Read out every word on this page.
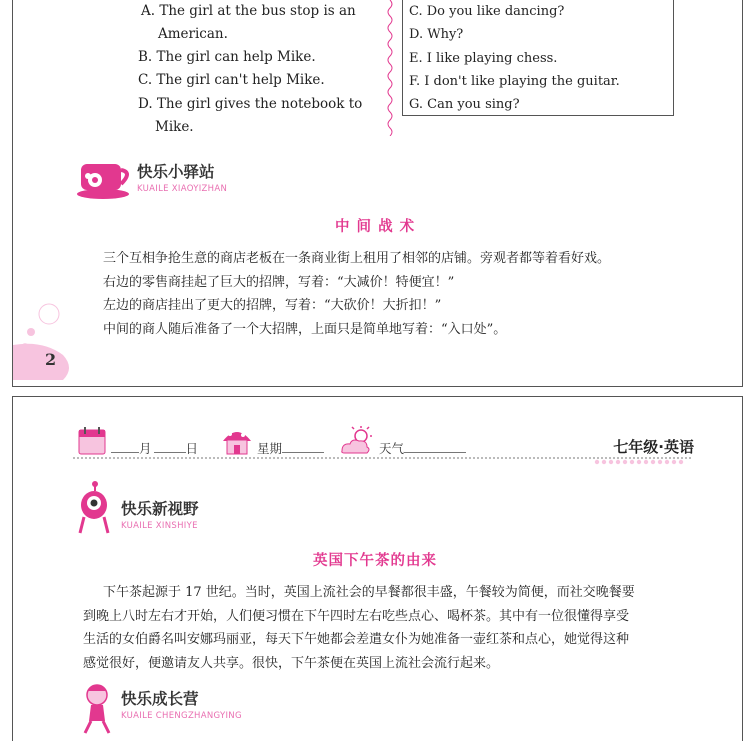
A. The girl at the bus stop is an
American.
B. The girl can help Mike.
C. The girl can't help Mike.
D. The girl gives the notebook to
Mike.
C. Do you like dancing?
D. Why?
E. I like playing chess.
F. I don't like playing the guitar.
G. Can you sing?
快乐小驿站
KUAILE XIAOYIZHAN
中 间 战 术
三个互相争抢生意的商店老板在一条商业街上租用了相邻的店铺。旁观者都等着看好戏。
右边的零售商挂起了巨大的招牌，写着：“大减价！特便宜！”
左边的商店挂出了更大的招牌，写着：“大砍价！大折扣！”
中间的商人随后准备了一个大招牌，上面只是简单地写着：“入口处”。
2
月	日	星期	天气	七年级·英语
快乐新视野
KUAILE XINSHIYE
英国下午茶的由来
下午茶起源于 17 世纪。当时，英国上流社会的早餐都很丰盛，午餐较为简便，而社交晚餐要
到晚上八时左右才开始，人们便习惯在下午四时左右吃些点心、喝杯茶。其中有一位很懂得享受
生活的女伯爵名叫安娜玛丽亚，每天下午她都会差遣女仆为她准备一壶红茶和点心，她觉得这种
感觉很好，便邀请友人共享。很快，下午茶便在英国上流社会流行起来。
快乐成长营
KUAILE CHENGZHANGYING
